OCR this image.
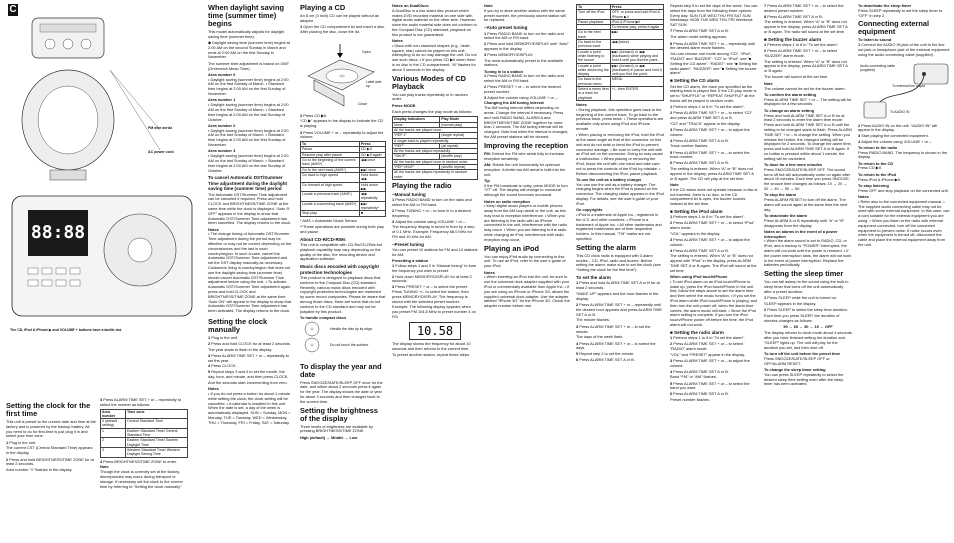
C
88:88
FM wire aerial
AC power cord
The CD, iPod & iPhone ▶ and VOLUME + buttons have a tactile dot.
Setting the clock for the first time
This unit is preset to the current date and time at the factory and is powered by the backup battery. All you need to do for first-time is just plug it in and select your time zone.
1 Plug in the unit.
The current CST (Central Standard Time) appears in the display.
2 Press and hold BRIGHTNESS/TIME ZONE for at least 2 seconds.
Area number “1” flashes in the display.
3 Press ALARM TIME SET + or – repeatedly to select the number as follows:
Area number	Time zone
0 (default setting)	Central Standard Time
1	Eastern Standard Time/ Central Standard Time
2	Eastern Standard Time/ Eastern Daylight Time
3	Western Standard Time/ Western Daylight Saving Time
4 Press BRIGHTNESS/TIME ZONE to enter.
Note
Though the clock is correctly set at the factory, discrepancies may occur during transport or storage. If necessary set the clock to the correct time by referring to “Setting the clock manually”.
When daylight saving time (summer time) begins
This model automatically adjusts for daylight saving time (summer time).
◆ Daylight saving time (summer time) begins at 2:00 AM on the second Sunday in March and ends at 2:00 AM on the first Sunday in November.
The summer time adjustment is based on GMT (Greenwich Mean Time).
Area number 0
• Daylight saving (summer time) begins at 2:00 AM on the first Sunday of March. • Standard time begins at 2:00 AM on the first Sunday of November.
Area number 1
• Daylight saving (summer time) begins at 2:00 AM on the first Sunday of March. • Standard time begins at 2:00 AM on the last Sunday of October.
Area number 2
• Daylight saving (summer time) begins at 2:00 AM on the last Sunday of March. • Standard time begins at 2:00 AM on the first Sunday of November.
Area number 3
• Daylight saving (summer time) begins at 2:00 AM on the last Sunday of March. • Standard time begins at 2:00 AM on the last Sunday of October.
To cancel Automatic DST/Summer Time adjustment during the daylight saving time (summer time) period
The Automatic DST/Summer Time adjustment can be canceled if required. Press and hold CLOCK and BRIGHTNESS/TIME ZONE at the same time while the clock is displayed. “Auto ⊖ OFF” appears in the display to show that Automatic DST/Summer Time adjustment has been cancelled. The display returns to the clock.
Notes
• The change timing of Automatic DST/Summer Time adjustment during the period may be effective or may not be correct depending on the circumstances and the last in each country/region. In such a case, cancel the Automatic DST/Summer Time adjustment and set the DST display manually as necessary. Customers living in country/region that does not use the daylight saving time (summer time) should cancel Automatic DST/Summer Time adjustment before using the unit. • To activate Automatic DST/Summer Time adjustment again, press and hold CLOCK and BRIGHTNESS/TIME ZONE at the same time. “Auto ON” will appear in the display to show that Automatic DST/Summer Time adjustment has been activated. The display returns to the clock.
Setting the clock manually
1 Plug in the unit.
2 Press and hold CLOCK for at least 2 seconds.
The year starts to flash in the display.
3 Press ALARM TIME SET + or – repeatedly to set the year.
4 Press CLOCK.
5 Repeat steps 3 and 4 to set the month, the day, hour, and minute, and then press CLOCK.
And the seconds start incrementing from zero.
Notes
• If you do not press a button for about 1 minute while setting the clock, the clock setting will be cancelled. • A calendar is installed in this unit. When the date is set, a day of the week is automatically displayed. SUN = Sunday, MON = Monday, TUE = Tuesday, WED = Wednesday, THU = Thursday, FRI = Friday, SAT = Saturday
Playing a CD
An 8 cm (3 inch) CD can be played without an adaptor.
1 Open the CD compartment lid and insert a disc. After placing the disc, close the lid.
Open
Label side up
Close
2 Press CD ▶II.
“CD ▶” appears in the display to indicate the CD is playing.
3 Press VOLUME + or – repeatedly to adjust the volume.
To	Press
Pause	CD ▶II
Resume play after pause	CD ▶II again
Go to the beginning of the current track (AMS*)	◀◀ once
Go to the next track (AMS*)	▶▶I once
Go back to high speed	Hold down ◀◀
Go forward at high speed	Hold down ▶▶
Locate a previous track (AMS*)	◀◀ repeatedly
Locate a succeeding track (AMS*)	▶▶I repeatedly*
Stop play	■
* AMS = Automatic Music Sensor
**These operations are possible during both play and pause.
About CD-R/CD-RWs
This unit is compatible with CD-Rs/CD-RWs but playback capability may vary depending on the quality of the disc, the recording device and application software.
Music discs encoded with copyright protection technologies
This product is designed to playback discs that conform to the Compact Disc (CD) standard. Recently, various music discs encoded with copyright protection technologies are marketed by some record companies. Please be aware that among those discs, there are some that do not conform to the CD standard and may not be playable by this product.
To handle compact discs
Handle the disc by its edge.
Do not touch the surface.
To display the year and date
Press SNOOZE/DATE/SLEEP OFF once for the date, and within about 2 seconds press it again for the year. The display shows the date or year for about 3 seconds and then changes back to the current time.
Setting the brightness of the display
Three levels of brightness are available by pressing BRIGHTNESS/TIME ZONE.
High (default) → Middle → Low
Notes on DualDiscs
A DualDisc is a two sided disc product which mates DVD recorded material on one side with digital audio material on the other side. However, since the audio material side does not conform to the Compact Disc (CD) standard, playback on this product is not guaranteed.
Notes
• Discs with non-standard shapes (e.g., heart, square, star) cannot be played on this unit. Attempting to do so may damage the unit. Do not use such discs. • If you press CD ▶II when there is no disc in the CD compartment, “N” flashes for about 3 seconds in the display.
Various Modes of CD Playback
You can play tracks repeatedly or in random order.
Press MODE.
Each press changes the play mode as follows:
Display Indicators	Play Mode
None	(normal play)
All the tracks are played once.	
“REP 1”	(single repeat)
A single track is played repeatedly.	
“REP”	(all repeat)
All the tracks are played repeatedly.	
“SHUF”	(shuffle play)
All the tracks are played once in random order.	
“REP SHUF”	(shuffle repeat)
All the tracks are played repeatedly in random order.	
Playing the radio
–Manual tuning
1 Press RADIO BAND to turn on the radio and select the AM or FM band.
2 Press TUNING + or – to tune in to a desired frequency.
3 Adjust the volume using VOLUME + or –.
The frequency display is tuned in from by a step of 0.1 MHz. Example: Frequency 88.0 MHz for FM and 10 kHz for AM.
–Preset tuning
You can preset 10 stations for FM and 10 stations for AM.
Presetting a station
1 Follow steps 1 and 2 in “Manual tuning” to tune the frequency you wish to preset.
2 Hold down MEMORY/DISPLAY for at least 2 seconds.
3 Press PRESET + or – to select the preset. Press TUNING +/– to select the station, then press MEMORY/DISPLAY. The frequency is stored with the selected preset number.
Example: The following display appears when you preset FM 104.8 MHz to preset number 4 on FM.
10.58
The display shows the frequency for about 10 seconds and then returns to the current time.
To preset another station, repeat these steps.
Note
If you try to store another station with the same preset number, the previously stored station will be replaced.
–Auto preset tuning
1 Press RADIO BAND to turn on the radio and select the AM or FM band.
2 Press and hold MEMORY/DISPLAY until “Auto” appears in the display.
3 Press MEMORY/DISPLAY.
The most automatically preset to the available stations.
Tuning in to a station
1 Press RADIO BAND to turn on the radio and select the AM or FM band.
2 Press PRESET + or – to select the desired preset number.
3 Adjust the volume using VOLUME + or –.
Changing the AM tuning interval
The AM tuning interval differs depending on areas. Change the interval if necessary. Press and hold RADIO BAND, ALARM A and BRIGHTNESS/TIME ZONE together for more than 2 seconds. The AM tuning interval will be changed. Note that when the interval is changed, the AM preset stations will be cleared.
Improving the reception
FM: Extend the FM wire aerial fully to increase reception sensitivity.
AM: Rotate the unit horizontally for optimum reception. A ferrite bar AM aerial is built into the unit.
Tip
If the FM broadcast is noisy, press MODE to turn “ST” off. The display will change to monaural although the sound becomes monaural.
Notes on radio reception
• Keep digital music players or mobile phones away from the AM loop aerial or the unit, as this may lead to reception interference. • When you are listening to the radio with an iPhone connected to the unit, interference with the radio may occur. • When you are listening to the radio while charging an iPod, interference with radio reception may occur.
Playing an iPod
You can enjoy iPod audio by connecting to this unit. To use an iPod, refer to the user’s guide of your iPod.
Notes
• When inserting an iPod into the unit, be sure to use the universal dock adapter supplied with your iPod or commercially available from Apple Inc. • If you are using an iPhone or iPhone 3G, attach the supplied universal dock adapter. Use the adapter labeled “iPhone 3G” for the iPhone 3G. Check the adapter number before use.
To	Press
Turn off the iPod	OFF, or press and hold iPod & iPhone ▶II
Pause playback	iPod & iPhone ▶II
	To resume play, press it again.
Go to the next track	▶▶I
Go back to the previous track	◀◀ (twice)
Locate a point while listening to the sound	▶▶I (forward) or ◀◀ (backward) while playing and hold it until you find the point.
Locate a point while observing the display	▶▶I (forward) or ◀◀ (backward) in pause and hold it until you find the point.
Go back to the previous menu	MENU
Select a menu item or a track for playback	+/– then ENTER
Notes
• During playback, this operation goes back to the beginning of the current track. To go back to the previous track, press twice. • These operations are available only when using iPod and iPhone remote.
• When placing or removing the iPod, hold the iPod at the same angle as that of the connector on this unit and do not twist or bend the iPod to prevent connector damage. • Be sure to carry the unit with an iPod set on the connector. Doing so may cause a malfunction. • When placing or removing the iPod, brace the unit with one hand and take care not to press the controls of the iPod by mistake. • Before disconnecting the iPod, pause playback.
To use the unit as a battery charger
You can use the unit as a battery charger. The charging begins when the iPod is placed on the connector. The charging status appears in the iPod display. For details, see the user’s guide of your iPod.
On copyrights
• iPod is a trademark of Apple Inc., registered in the U.S. and other countries. • iPhone is a trademark of Apple Inc. • All other trademarks and registered trademarks are of their respective holders. In this manual, “TM” marks are not specified.
Setting the alarm
This CD clock radio is equipped with 3 alarm modes – CD, iPod, radio and buzzer. Before setting the alarm, make sure to set the clock (see “Setting the clock for the first time”).
To set the alarm
1 Press and hold ALARM TIME SET A or B for at least 2 seconds.
“WAKE UP” appears and the hour flashes in the display.
2 Press ALARM TIME SET + or – repeatedly until the desired hour appears and press ALARM TIME SET A or B.
The minute flashes.
3 Press ALARM TIME SET + or – to set the minute.
The days of the week flash.
4 Press ALARM TIME SET + or – to select the days.
5 Repeat step 2 to set the minute.
6 Press ALARM TIME SET A or B.
Repeat step 5 to set the days of the week. You can select the days from the following three options: Every day: SUN TUE WED THU FRI SAT SUN Weekdays: MON TUE WED THU FRI Weekend: SAT SUN
7 Press ALARM TIME SET A or B.
The alarm mode setting appears.
8 Press ALARM TIME SET + or – repeatedly until the desired alarm mode flashes.
You can choose one mode among “CD”, “iPod”, “RADIO” and “BUZZER”. “CD” or “iPod”: see “■ Setting the CD alarm”. “RADIO”: see “■ Setting the radio alarm”. “BUZZER”: see “■ Setting the buzzer alarm”.
■ Setting the CD alarm
Set the CD alarm, the track you specified as the starting track is played first. If the CD play mode is set to “SHUFFLE” or “REPEAT SHUFFLE” all the tracks will be played in random order.
1 Perform steps 1 to 8 in “To set the alarm”.
2 Press ALARM TIME SET + or – to select “CD” and press ALARM TIME SET A or B.
“CD” and “TRACK” appear in the display.
3 Press ALARM TIME SET + or – to adjust the volume.
4 Press ALARM TIME SET A or B.
Track number flashes.
5 Press ALARM TIME SET + or – to select the track number.
6 Press ALARM TIME SET A or B.
The setting is entered. When “A” or “B” does not appear in the display, press ALARM TIME SET A or B again. The CD will play at the set time.
Note
If the CD alarm does not operate because a disc is not inserted, there is no disc, or the CD compartment lid is open, the buzzer sounds instead at the set time.
■ Setting the iPod alarm
1 Perform steps 1 to 8 in “To set the alarm”.
2 Press ALARM TIME SET + or – to select “iPod” alarm mode.
“VOL” appears in the display.
3 Press ALARM TIME SET + or – to adjust the volume.
4 Press ALARM TIME SET A or B.
The setting is entered. When “A” or “B” does not appear with “iPod” in the display, press ALARM TIME SET A or B again. The iPod will sound at the set time.
When using iPod touch/iPhone
• To set iPod alarm on an iPod touch/iPhone to wake up, press the iPod touch/iPhone in the unit first, follow the steps above to set the alarm time and then select the music function. • If you set the iPod alarm while iPod touch/iPhone is playing, and then turn the unit power off, when the alarm time comes, the alarm music will start. • Since the iPod alarm setting is complete, if you turn the iPod touch/iPhone power off before the time, the iPod alarm will not work.
■ Setting the radio alarm
1 Perform steps 1 to 8 in “To set the alarm”.
2 Press ALARM TIME SET + or – to select “RADIO” alarm mode.
“VOL” and “PRESET” appear in the display.
3 Press ALARM TIME SET + or – to adjust the volume.
4 Press ALARM TIME SET A or B.
Band “FM” or “AM” flashes.
5 Press ALARM TIME SET + or – to select the band you want.
6 Press ALARM TIME SET A or B.
Preset number flashes.
7 Press ALARM TIME SET + or – to select the desired preset number.
8 Press ALARM TIME SET A or B.
The setting is entered. When “A” or “B” does not appear in the display, press ALARM TIME SET A or B again. The radio will sound at the set time.
■ Setting the buzzer alarm
1 Perform steps 1 to 8 in “To set the alarm”.
2 Press ALARM TIME SET + or – to select “BUZZER” alarm mode.
The setting is entered. When “A” or “B” does not appear in the display, press ALARM TIME SET A or B again.
The buzzer will sound at the set time.
Note
The volume cannot be set for the buzzer alarm.
To confirm the alarm setting
Press ALARM TIME SET + or –. The setting will be displayed for a few seconds.
To change an alarm setting
Press and hold ALARM TIME SET A or B for at least 2 seconds to enter the alarm time mode. Press and hold ALARM TIME SET A or B until the setting to be changed starts to flash. Press ALARM TIME SET + or – to change the setting. When you release the button, the changed setting will be displayed for 2 seconds. To change the alarm time, press and hold ALARM TIME SET A or B again. If no button is pressed within about 1 minute, the setting will be cancelled.
To doze for a few more minutes
Press SNOOZE/DATE/SLEEP OFF. The sound turns off but will automatically come on again after about 10 minutes. Each time you press SNOOZE, the snooze time changes as follows: 10 → 20 → 30 → 40 → 50 → 60
To stop the alarm
Press ALARM RESET to turn off the alarm. The alarm will sound again at the same time the next day.
To deactivate the alarm
Press ALARM A or B repeatedly until “A” or “B” disappears from the display.
Notes on alarms in the event of a power interruption
• When the alarm sound is set to RADIO, CD, or iPod, and a backup is “POWER” interrupted, the alarm will not work until the power is restored. • If the power interruption lasts, the alarm will not work in the event of power interruption. Replace the batteries periodically.
Setting the sleep timer
You can fall asleep to the sound using the built-in sleep timer that turns off the unit automatically after a preset duration.
1 Press SLEEP while the unit is turned on.
SLEEP appears in the display.
2 Press SLEEP to select the sleep time duration.
Each time you press SLEEP, the duration of minutes changes as follows:
90 → 60 → 30 → 15 → OFF
The display returns to clock mode about 4 seconds after you have finished setting the duration and “SLEEP” lights up. The unit will play for the duration you set, and then shut off.
To turn off the unit before the preset time
Press SNOOZE/DATE/SLEEP OFF or OFF/ALARM RESET.
To change the sleep timer setting
You can press SLEEP repeatedly to select the desired sleep time setting even after the sleep timer has been activated.
To deactivate the sleep timer
Press SLEEP repeatedly to set the sleep timer to “OFF” in step 2.
Connecting external equipment
To listen to sound
1 Connect the AUDIO IN jack of the unit to the line out jack or headphone jack of the external equipment using the audio connecting cable (supplied).
Audio connecting cable (supplied)
To external line output
To AUDIO IN
2 Press AUDIO IN on the unit. “AUDIO IN” will appear in the display.
3 Start playing the connected equipment.
4 Adjust the volume using VOLUME + or –.
To return to the radio
Press RADIO BAND. The frequency is shown in the display.
To return to the CD
Press CD ▶II.
To return to the iPod
Press iPod & iPhone ▶II.
To stop listening
Press OFF and stop playback on the connected unit.
Notes
• Refer also to the connected equipment manual. • The supplied audio connecting cable may not be used with some external equipment. In this case, use a cord suitable for the external equipment you are using. • When you listen to the radio with external equipment connected, turn off the connected equipment to prevent noise. If noise occurs even when the equipment is turned off, disconnect the cable and place the external equipment away from the unit.
